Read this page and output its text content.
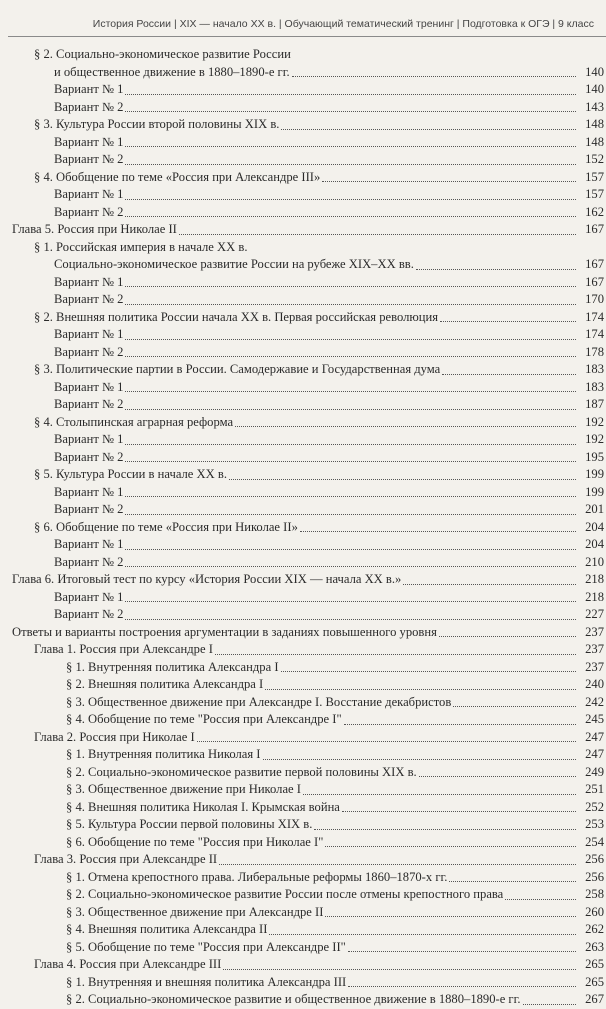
История России | XIX — начало XX в. | Обучающий тематический тренинг | Подготовка к ОГЭ | 9 класс
§ 2. Социально-экономическое развитие России
и общественное движение в 1880–1890-е гг.	140
Вариант № 1	140
Вариант № 2	143
§ 3. Культура России второй половины XIX в.	148
Вариант № 1	148
Вариант № 2	152
§ 4. Обобщение по теме «Россия при Александре III»	157
Вариант № 1	157
Вариант № 2	162
Глава 5. Россия при Николае II	167
§ 1. Российская империя в начале XX в.
Социально-экономическое развитие России на рубеже XIX–XX вв.	167
Вариант № 1	167
Вариант № 2	170
§ 2. Внешняя политика России начала XX в. Первая российская революция	174
Вариант № 1	174
Вариант № 2	178
§ 3. Политические партии в России. Самодержавие и Государственная дума	183
Вариант № 1	183
Вариант № 2	187
§ 4. Столыпинская аграрная реформа	192
Вариант № 1	192
Вариант № 2	195
§ 5. Культура России в начале XX в.	199
Вариант № 1	199
Вариант № 2	201
§ 6. Обобщение по теме «Россия при Николае II»	204
Вариант № 1	204
Вариант № 2	210
Глава 6. Итоговый тест по курсу «История России XIX — начала XX в.»	218
Вариант № 1	218
Вариант № 2	227
Ответы и варианты построения аргументации в заданиях повышенного уровня	237
Глава 1. Россия при Александре I	237
§ 1. Внутренняя политика Александра I	237
§ 2. Внешняя политика Александра I	240
§ 3. Общественное движение при Александре I. Восстание декабристов	242
§ 4. Обобщение по теме "Россия при Александре I"	245
Глава 2. Россия при Николае I	247
§ 1. Внутренняя политика Николая I	247
§ 2. Социально-экономическое развитие первой половины XIX в.	249
§ 3. Общественное движение при Николае I	251
§ 4. Внешняя политика Николая I. Крымская война	252
§ 5. Культура России первой половины XIX в.	253
§ 6. Обобщение по теме "Россия при Николае I"	254
Глава 3. Россия при Александре II	256
§ 1. Отмена крепостного права. Либеральные реформы 1860–1870-х гг.	256
§ 2. Социально-экономическое развитие России после отмены крепостного права	258
§ 3. Общественное движение при Александре II	260
§ 4. Внешняя политика Александра II	262
§ 5. Обобщение по теме "Россия при Александре II"	263
Глава 4. Россия при Александре III	265
§ 1. Внутренняя и внешняя политика Александра III	265
§ 2. Социально-экономическое развитие и общественное движение в 1880–1890-е гг.	267
